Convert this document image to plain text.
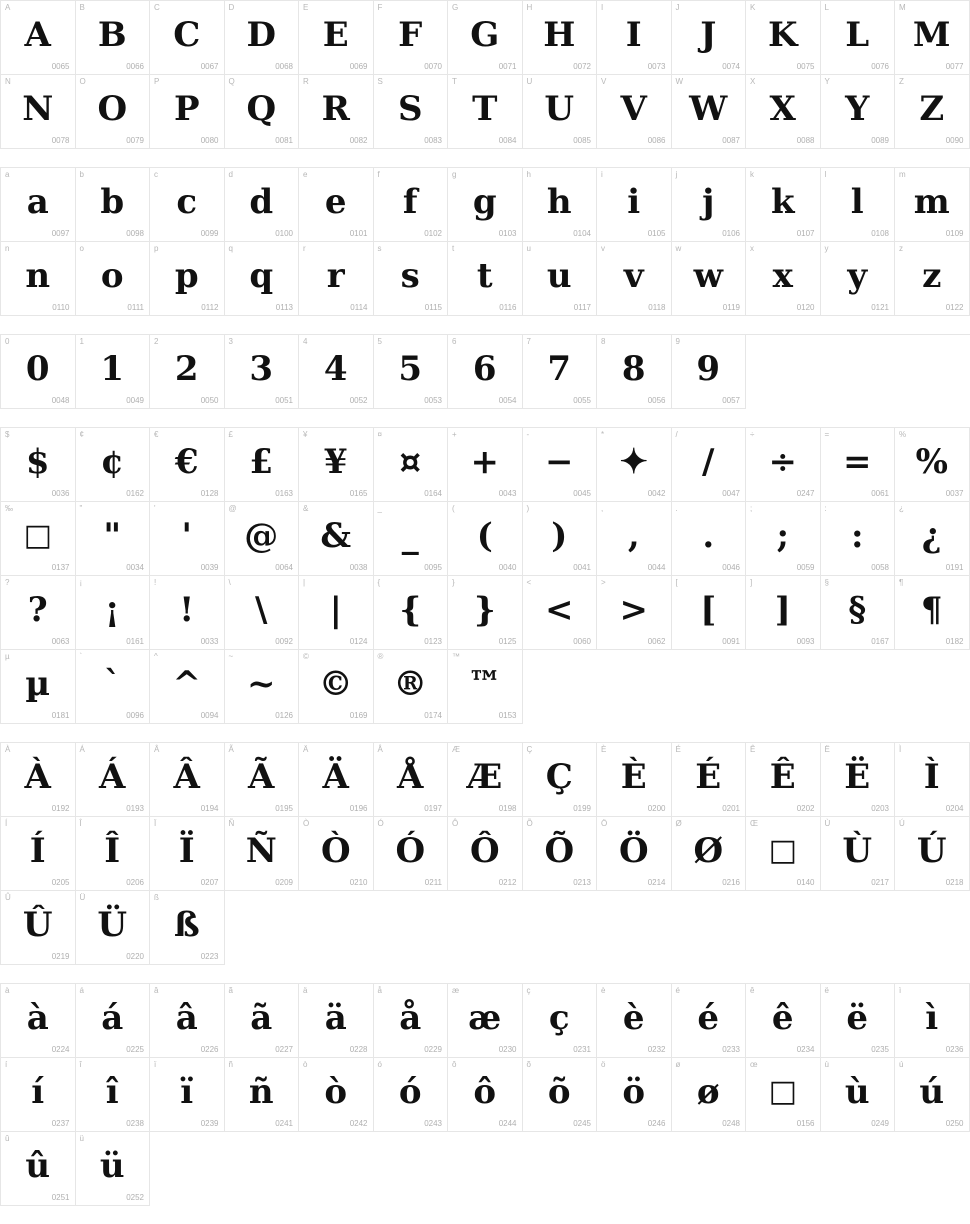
A
A
0065
B
B
0066
C
C
0067
D
D
0068
E
E
0069
F
F
0070
G
G
0071
H
H
0072
I
I
0073
J
J
0074
K
K
0075
L
L
0076
M
M
0077
N
N
0078
O
O
0079
P
P
0080
Q
Q
0081
R
R
0082
S
S
0083
T
T
0084
U
U
0085
V
V
0086
W
W
0087
X
X
0088
Y
Y
0089
Z
Z
0090
a
a
0097
b
b
0098
c
c
0099
d
d
0100
e
e
0101
f
f
0102
g
g
0103
h
h
0104
i
i
0105
j
j
0106
k
k
0107
l
l
0108
m
m
0109
n
n
0110
o
o
0111
p
p
0112
q
q
0113
r
r
0114
s
s
0115
t
t
0116
u
u
0117
v
v
0118
w
w
0119
x
x
0120
y
y
0121
z
z
0122
0
0
0048
1
1
0049
2
2
0050
3
3
0051
4
4
0052
5
5
0053
6
6
0054
7
7
0055
8
8
0056
9
9
0057
$
$
0036
¢
¢
0162
€
€
0128
£
£
0163
¥
¥
0165
¤
¤
0164
+
+
0043
-
−
0045
*
✦
0042
/
/
0047
÷
÷
0247
=
=
0061
%
%
0037
‰
□
0137
"
"
0034
'
'
0039
@
@
0064
&
&
0038
_
_
0095
(
(
0040
)
)
0041
,
,
0044
.
.
0046
;
;
0059
:
:
0058
¿
¿
0191
?
?
0063
¡
¡
0161
!
!
0033
\
\
0092
|
|
0124
{
{
0123
}
}
0125
<
<
0060
>
>
0062
[
[
0091
]
]
0093
§
§
0167
¶
¶
0182
µ
µ
0181
`
`
0096
^
^
0094
~
~
0126
©
©
0169
®
®
0174
™
™
0153
À
À
0192
Á
Á
0193
Â
Â
0194
Ã
Ã
0195
Ä
Ä
0196
Å
Å
0197
Æ
Æ
0198
Ç
Ç
0199
È
È
0200
É
É
0201
Ê
Ê
0202
Ë
Ë
0203
Ì
Ì
0204
Í
Í
0205
Î
Î
0206
Ï
Ï
0207
Ñ
Ñ
0209
Ò
Ò
0210
Ó
Ó
0211
Ô
Ô
0212
Õ
Õ
0213
Ö
Ö
0214
Ø
Ø
0216
Œ
□
0140
Ù
Ù
0217
Ú
Ú
0218
Û
Û
0219
Ü
Ü
0220
ß
ß
0223
à
à
0224
á
á
0225
â
â
0226
ã
ã
0227
ä
ä
0228
å
å
0229
æ
æ
0230
ç
ç
0231
è
è
0232
é
é
0233
ê
ê
0234
ë
ë
0235
ì
ì
0236
í
í
0237
î
î
0238
ï
ï
0239
ñ
ñ
0241
ò
ò
0242
ó
ó
0243
ô
ô
0244
õ
õ
0245
ö
ö
0246
ø
ø
0248
œ
□
0156
ù
ù
0249
ú
ú
0250
û
û
0251
ü
ü
0252
